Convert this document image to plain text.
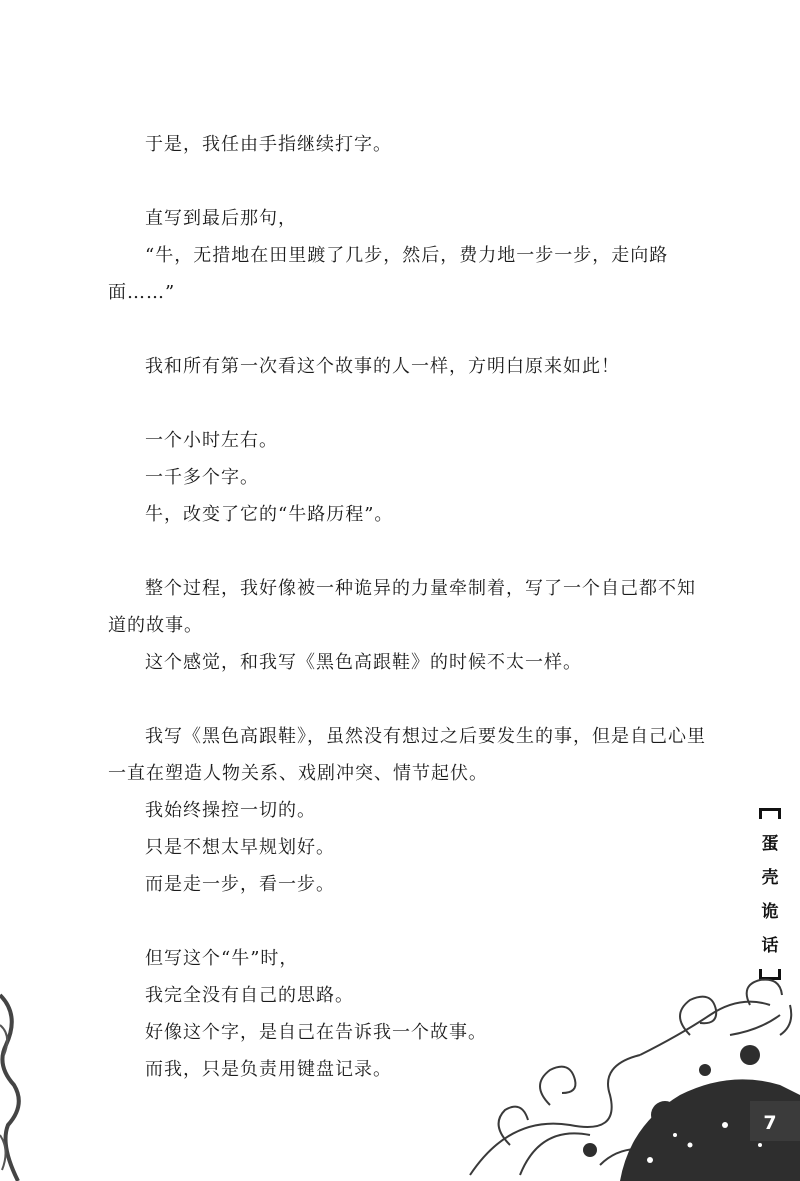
于是，我任由手指继续打字。

直写到最后那句，

“牛，无措地在田里踱了几步，然后，费力地一步一步，走向路面……”

我和所有第一次看这个故事的人一样，方明白原来如此！

一个小时左右。

一千多个字。

牛，改变了它的“牛路历程”。

整个过程，我好像被一种诡异的力量牵制着，写了一个自己都不知道的故事。

这个感觉，和我写《黑色高跟鞋》的时候不太一样。

我写《黑色高跟鞋》，虽然没有想过之后要发生的事，但是自己心里一直在塑造人物关系、戏剧冲突、情节起伏。

我始终操控一切的。

只是不想太早规划好。

而是走一步，看一步。

但写这个“牛”时，

我完全没有自己的思路。

好像这个字，是自己在告诉我一个故事。

而我，只是负责用键盘记录。

蛋
壳
诡
话
7
